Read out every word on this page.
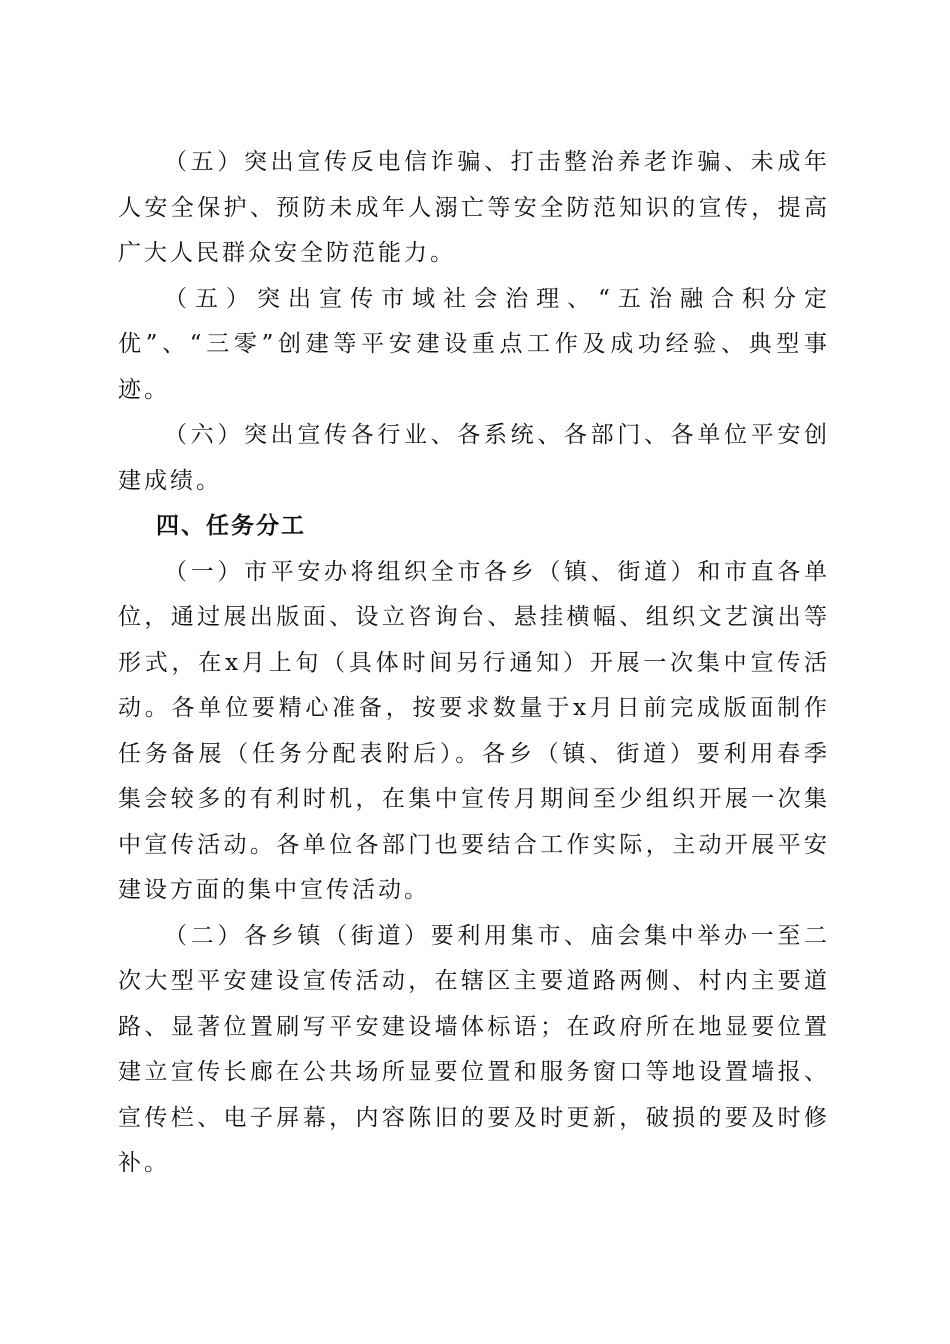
（五）突出宣传反电信诈骗、打击整治养老诈骗、未成年人安全保护、预防未成年人溺亡等安全防范知识的宣传，提高广大人民群众安全防范能力。

（五）突出宣传市域社会治理、“五治融合积分定优”、“三零”创建等平安建设重点工作及成功经验、典型事迹。

（六）突出宣传各行业、各系统、各部门、各单位平安创建成绩。

四、任务分工

（一）市平安办将组织全市各乡（镇、街道）和市直各单位，通过展出版面、设立咨询台、悬挂横幅、组织文艺演出等形式，在x月上旬（具体时间另行通知）开展一次集中宣传活动。各单位要精心准备，按要求数量于x月日前完成版面制作任务备展（任务分配表附后）。各乡（镇、街道）要利用春季集会较多的有利时机，在集中宣传月期间至少组织开展一次集中宣传活动。各单位各部门也要结合工作实际，主动开展平安建设方面的集中宣传活动。

（二）各乡镇（街道）要利用集市、庙会集中举办一至二次大型平安建设宣传活动，在辖区主要道路两侧、村内主要道路、显著位置刷写平安建设墙体标语；在政府所在地显要位置建立宣传长廊在公共场所显要位置和服务窗口等地设置墙报、宣传栏、电子屏幕，内容陈旧的要及时更新，破损的要及时修补。
